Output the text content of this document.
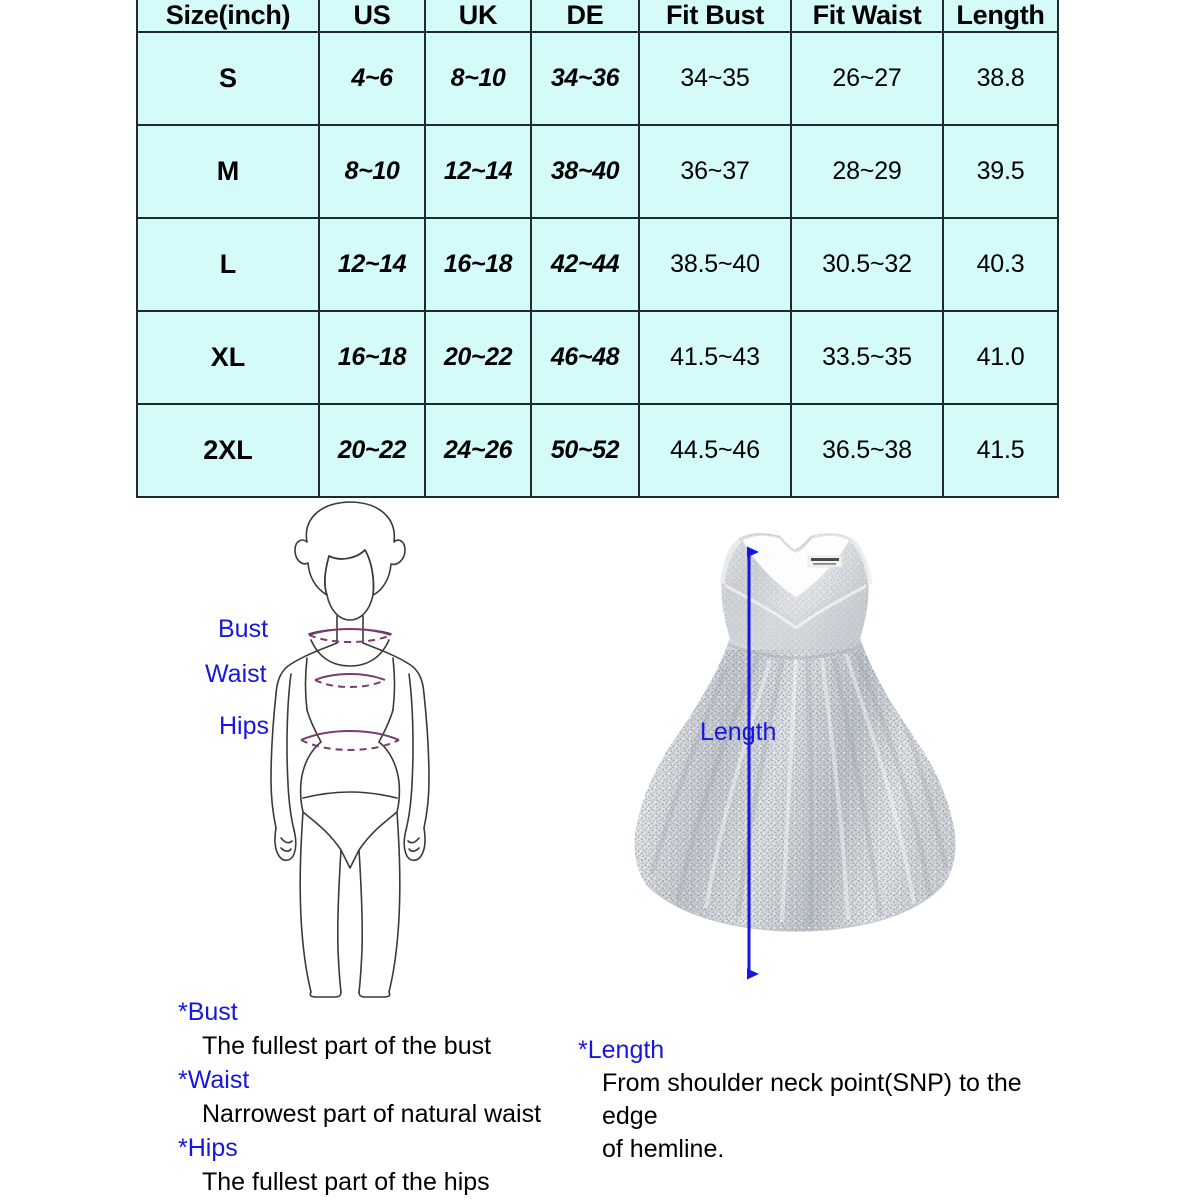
Size(inch)	US	UK	DE	Fit Bust	Fit Waist	Length
S	4~6	8~10	34~36	34~35	26~27	38.8
M	8~10	12~14	38~40	36~37	28~29	39.5
L	12~14	16~18	42~44	38.5~40	30.5~32	40.3
XL	16~18	20~22	46~48	41.5~43	33.5~35	41.0
2XL	20~22	24~26	50~52	44.5~46	36.5~38	41.5
Bust
Waist
Hips	Length
*Bust
The fullest part of the bust
*Waist
Narrowest part of natural waist
*Hips
The fullest part of the hips
*Length
From shoulder neck point(SNP) to the edge
of hemline.
